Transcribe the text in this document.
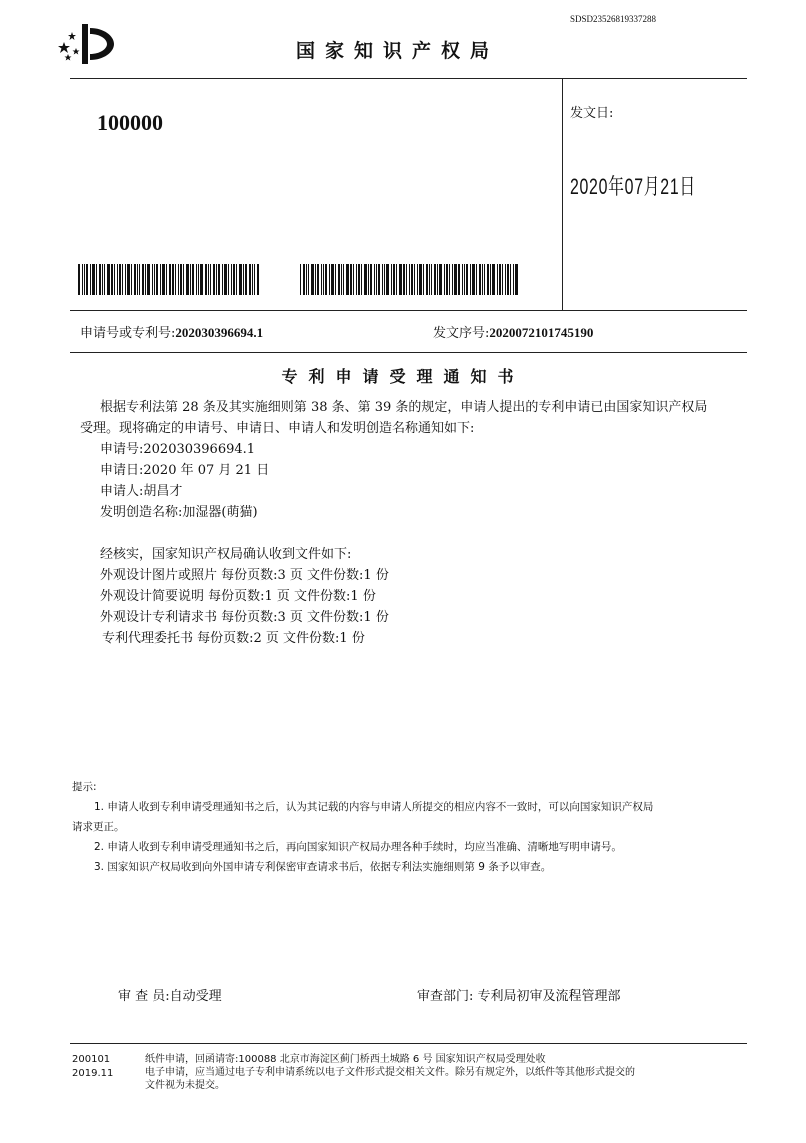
SDSD23526819337288
国家知识产权局
100000	发文日:
2020年07月21日
申请号或专利号:202030396694.1	发文序号:2020072101745190
专利申请受理通知书
根据专利法第 28 条及其实施细则第 38 条、第 39 条的规定，申请人提出的专利申请已由国家知识产权局
受理。现将确定的申请号、申请日、申请人和发明创造名称通知如下:
申请号:202030396694.1
申请日:2020 年 07 月 21 日
申请人:胡昌才
发明创造名称:加湿器(萌猫)
经核实，国家知识产权局确认收到文件如下:
外观设计图片或照片 每份页数:3 页 文件份数:1 份
外观设计简要说明 每份页数:1 页 文件份数:1 份
外观设计专利请求书 每份页数:3 页 文件份数:1 份
专利代理委托书 每份页数:2 页 文件份数:1 份
提示:
1. 申请人收到专利申请受理通知书之后，认为其记载的内容与申请人所提交的相应内容不一致时，可以向国家知识产权局
请求更正。
2. 申请人收到专利申请受理通知书之后，再向国家知识产权局办理各种手续时，均应当准确、清晰地写明申请号。
3. 国家知识产权局收到向外国申请专利保密审查请求书后，依据专利法实施细则第 9 条予以审查。
审 查 员:自动受理	审查部门: 专利局初审及流程管理部
200101
2019.11
纸件申请，回函请寄:100088 北京市海淀区蓟门桥西土城路 6 号 国家知识产权局受理处收
电子申请，应当通过电子专利申请系统以电子文件形式提交相关文件。除另有规定外，以纸件等其他形式提交的
文件视为未提交。
